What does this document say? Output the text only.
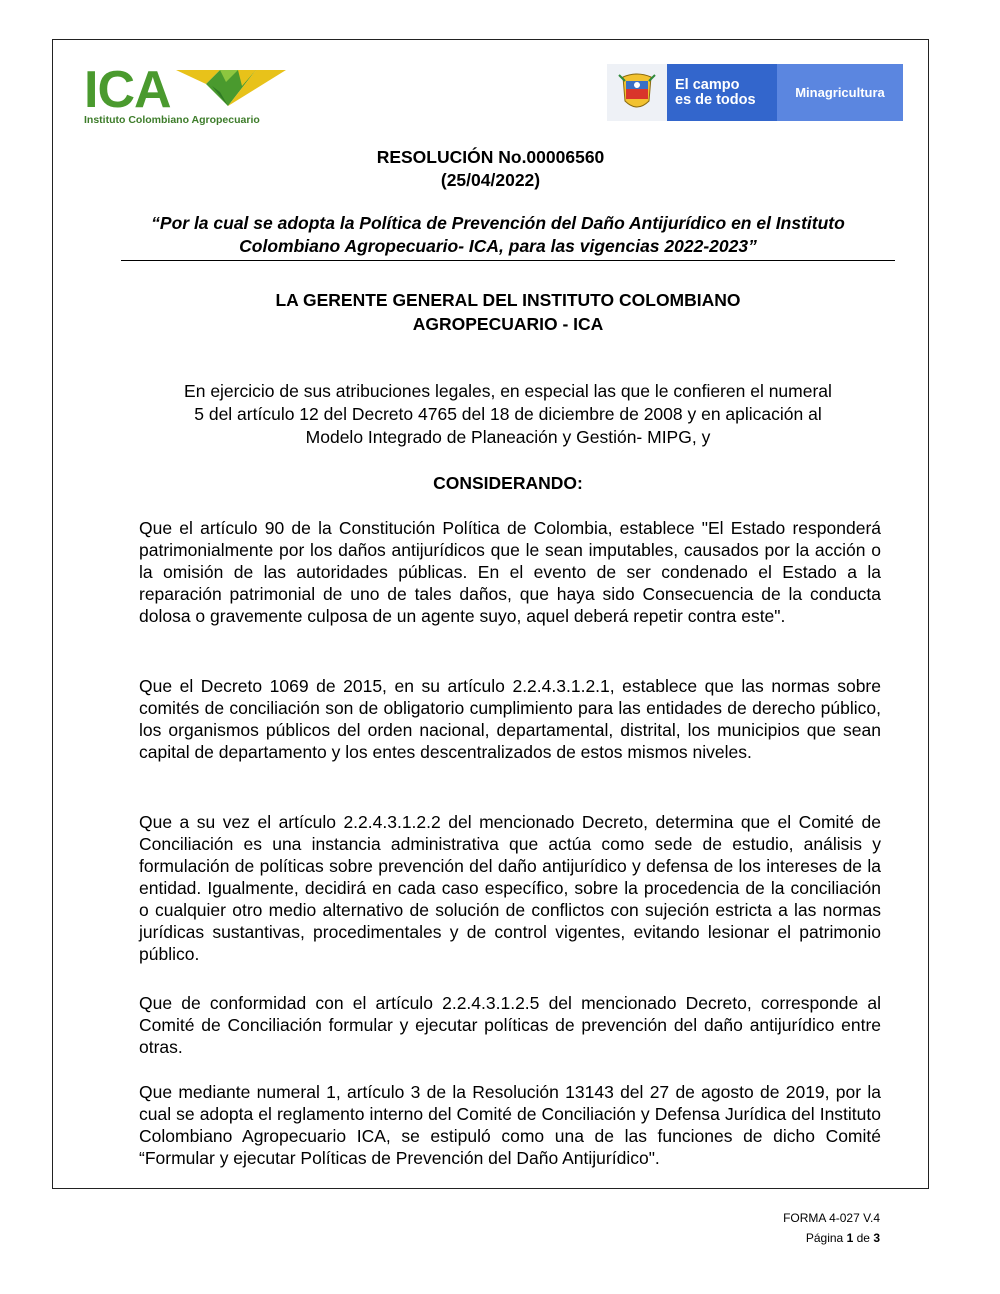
ICA
Instituto Colombiano Agropecuario
El campo
es de todos	Minagricultura
RESOLUCIÓN No.00006560
(25/04/2022)
“Por la cual se adopta la Política de Prevención del Daño Antijurídico en el Instituto
Colombiano Agropecuario- ICA, para las vigencias 2022-2023”
LA GERENTE GENERAL DEL INSTITUTO COLOMBIANO
AGROPECUARIO - ICA
En ejercicio de sus atribuciones legales, en especial las que le confieren el numeral
5 del artículo 12 del Decreto 4765 del 18 de diciembre de 2008 y en aplicación al
Modelo Integrado de Planeación y Gestión- MIPG, y
CONSIDERANDO:

Que el artículo 90 de la Constitución Política de Colombia, establece "El Estado responderá patrimonialmente por los daños antijurídicos que le sean imputables, causados por la acción o la omisión de las autoridades públicas. En el evento de ser condenado el Estado a la reparación patrimonial de uno de tales daños, que haya sido Consecuencia de la conducta dolosa o gravemente culposa de un agente suyo, aquel deberá repetir contra este".

Que el Decreto 1069 de 2015, en su artículo 2.2.4.3.1.2.1, establece que las normas sobre comités de conciliación son de obligatorio cumplimiento para las entidades de derecho público, los organismos públicos del orden nacional, departamental, distrital, los municipios que sean capital de departamento y los entes descentralizados de estos mismos niveles.

Que a su vez el artículo 2.2.4.3.1.2.2 del mencionado Decreto, determina que el Comité de Conciliación es una instancia administrativa que actúa como sede de estudio, análisis y formulación de políticas sobre prevención del daño antijurídico y defensa de los intereses de la entidad. Igualmente, decidirá en cada caso específico, sobre la procedencia de la conciliación o cualquier otro medio alternativo de solución de conflictos con sujeción estricta a las normas jurídicas sustantivas, procedimentales y de control vigentes, evitando lesionar el patrimonio público.

Que de conformidad con el artículo 2.2.4.3.1.2.5 del mencionado Decreto, corresponde al Comité de Conciliación formular y ejecutar políticas de prevención del daño antijurídico entre otras.

Que mediante numeral 1, artículo 3 de la Resolución 13143 del 27 de agosto de 2019, por la cual se adopta el reglamento interno del Comité de Conciliación y Defensa Jurídica del Instituto Colombiano Agropecuario ICA, se estipuló como una de las funciones de dicho Comité “Formular y ejecutar Políticas de Prevención del Daño Antijurídico".

FORMA 4-027 V.4
Página 1 de 3
